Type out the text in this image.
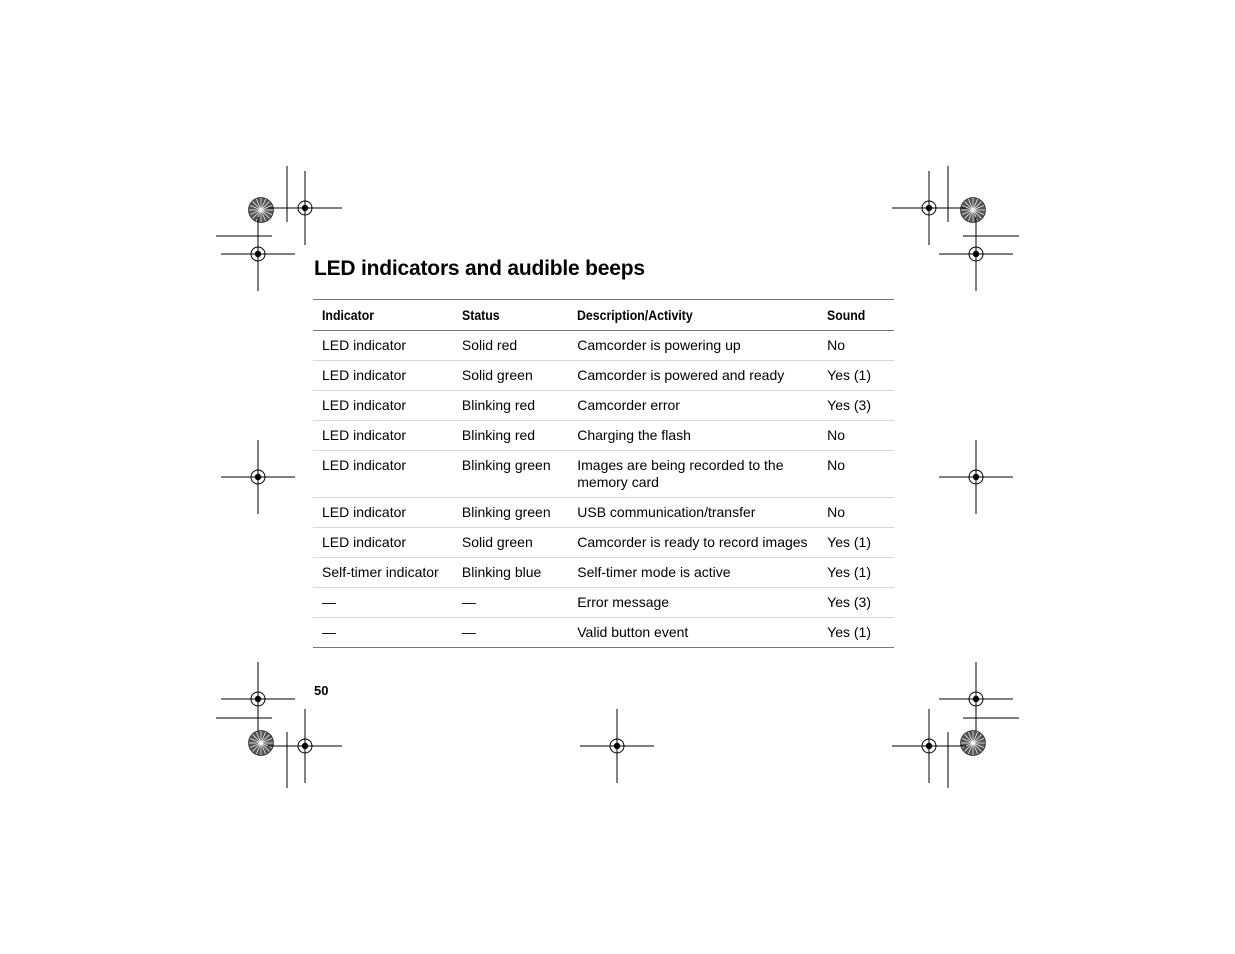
LED indicators and audible beeps
Indicator	Status	Description/Activity	Sound
LED indicator	Solid red	Camcorder is powering up	No
LED indicator	Solid green	Camcorder is powered and ready	Yes (1)
LED indicator	Blinking red	Camcorder error	Yes (3)
LED indicator	Blinking red	Charging the flash	No
LED indicator	Blinking green	Images are being recorded to the memory card	No
LED indicator	Blinking green	USB communication/transfer	No
LED indicator	Solid green	Camcorder is ready to record images	Yes (1)
Self-timer indicator	Blinking blue	Self-timer mode is active	Yes (1)
—	—	Error message	Yes (3)
—	—	Valid button event	Yes (1)
50
